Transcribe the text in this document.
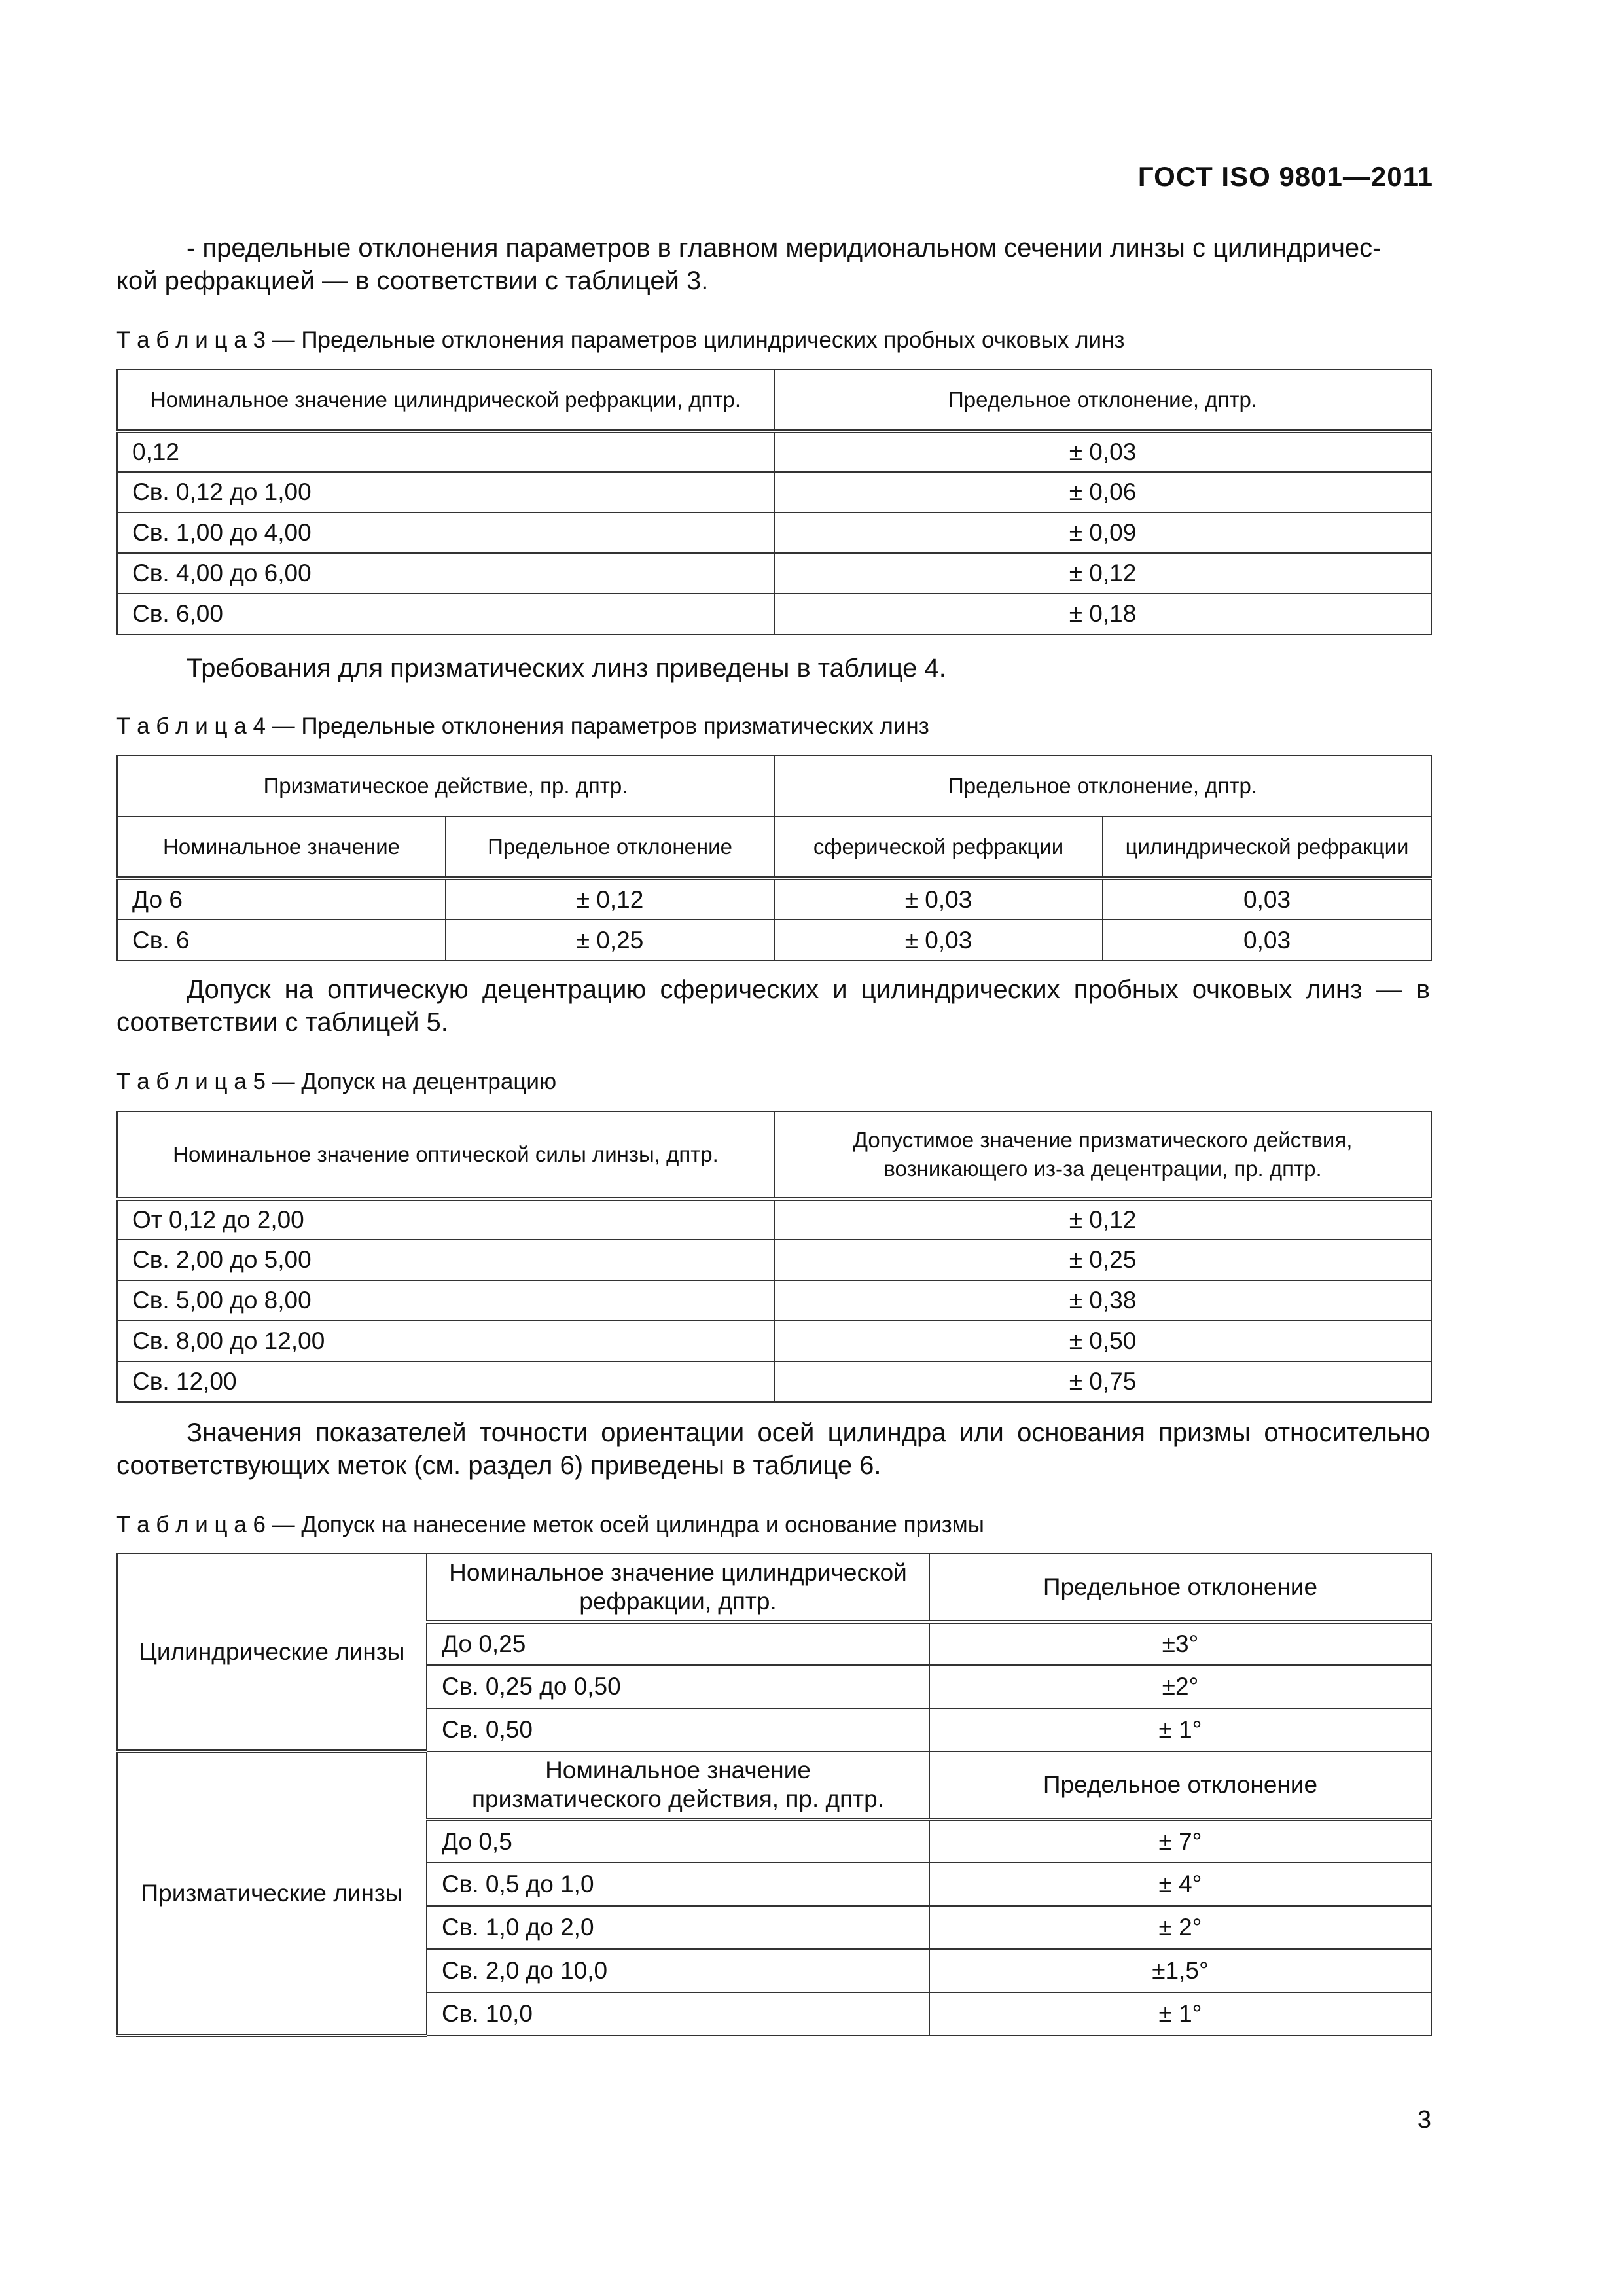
ГОСТ ISO 9801—2011
- предельные отклонения параметров в главном меридиональном сечении линзы с цилиндричес-
кой рефракцией — в соответствии с таблицей 3.
Т а б л и ц а 3 — Предельные отклонения параметров цилиндрических пробных очковых линз
Номинальное значение цилиндрической рефракции, дптр.	Предельное отклонение, дптр.
0,12	± 0,03
Св. 0,12 до 1,00	± 0,06
Св. 1,00 до 4,00	± 0,09
Св. 4,00 до 6,00	± 0,12
Св. 6,00	± 0,18
Требования для призматических линз приведены в таблице 4.
Т а б л и ц а 4 — Предельные отклонения параметров призматических линз
Призматическое действие, пр. дптр.		Предельное отклонение, дптр.	
Номинальное значение	Предельное отклонение	сферической рефракции	цилиндрической рефракции
До 6	± 0,12	± 0,03	0,03
Св. 6	± 0,25	± 0,03	0,03
Допуск на оптическую децентрацию сферических и цилиндрических пробных очковых линз — в
соответствии с таблицей 5.
Т а б л и ц а 5 — Допуск на децентрацию
Номинальное значение оптической силы линзы, дптр.	Допустимое значение призматического действия,
возникающего из-за децентрации, пр. дптр.

От 0,12 до 2,00	± 0,12
Св. 2,00 до 5,00	± 0,25
Св. 5,00 до 8,00	± 0,38
Св. 8,00 до 12,00	± 0,50
Св. 12,00	± 0,75
Значения показателей точности ориентации осей цилиндра или основания призмы относительно
соответствующих меток (см. раздел 6) приведены в таблице 6.
Т а б л и ц а 6 — Допуск на нанесение меток осей цилиндра и основание призмы
Цилиндрические линзы	Номинальное значение цилиндрической
рефракции, дптр.	Предельное отклонение
	До 0,25	±3°
	Св. 0,25 до 0,50	±2°
	Св. 0,50	± 1°
Призматические линзы	Номинальное значение
призматического действия, пр. дптр.	Предельное отклонение
	До 0,5	± 7°
	Св. 0,5 до 1,0	± 4°
	Св. 1,0 до 2,0	± 2°
	Св. 2,0 до 10,0	±1,5°
	Св. 10,0	± 1°
3
